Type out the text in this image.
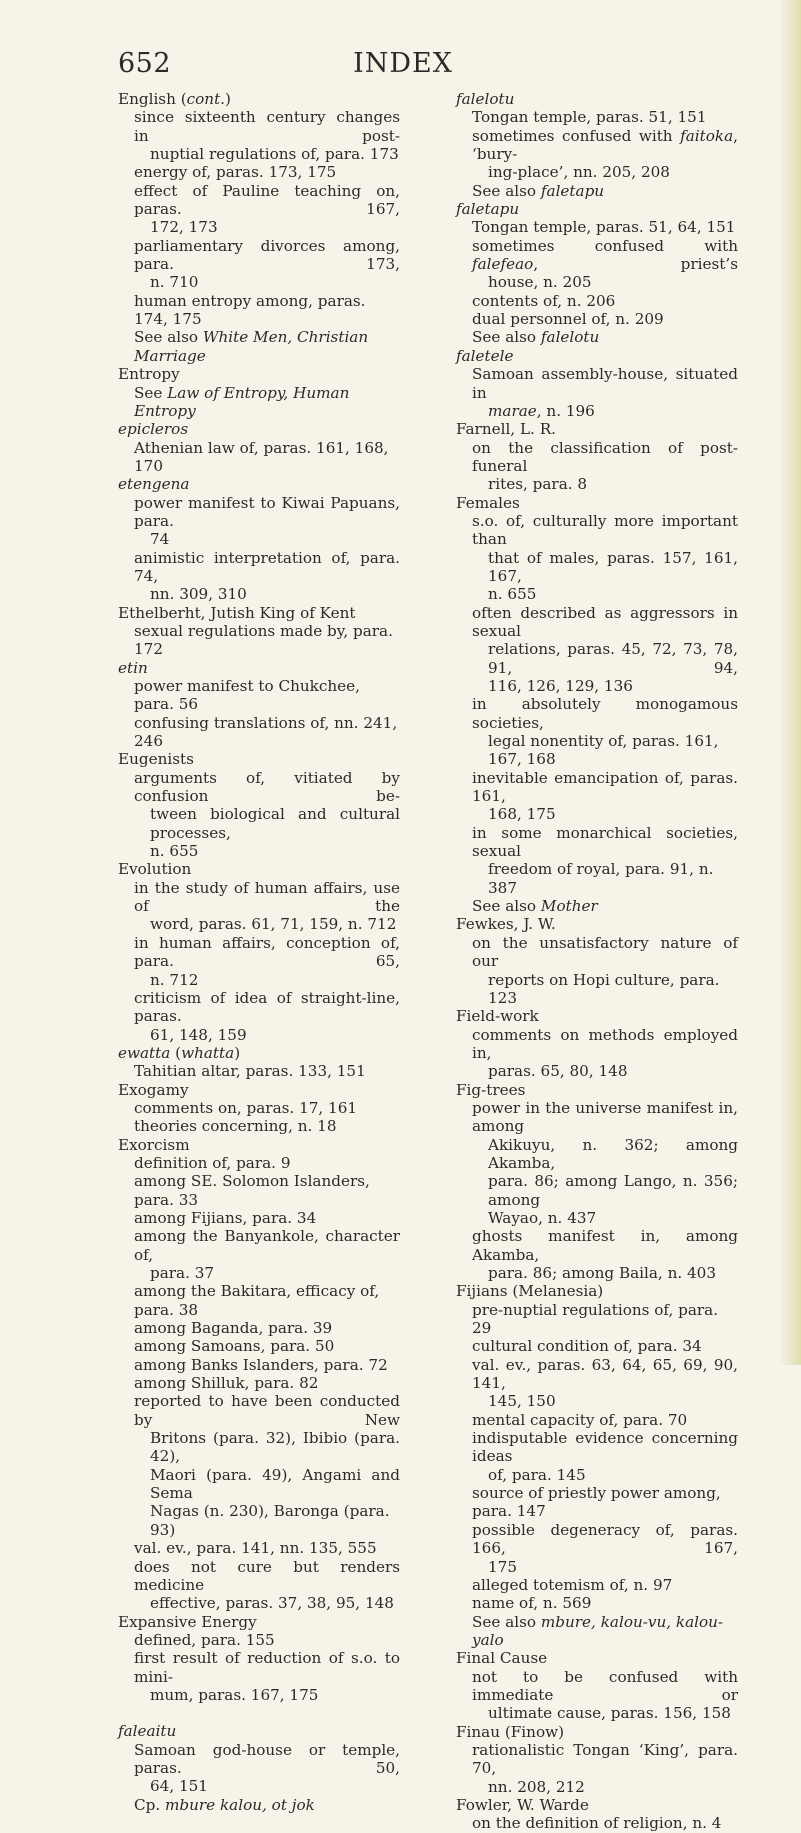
652	INDEX
English (cont.)
since sixteenth century changes in post-
nuptial regulations of, para. 173
energy of, paras. 173, 175
effect of Pauline teaching on, paras. 167,
172, 173
parliamentary divorces among, para. 173,
n. 710
human entropy among, paras. 174, 175
See also White Men, Christian Marriage
Entropy
See Law of Entropy, Human Entropy
epicleros
Athenian law of, paras. 161, 168, 170
etengena
power manifest to Kiwai Papuans, para.
74
animistic interpretation of, para. 74,
nn. 309, 310
Ethelberht, Jutish King of Kent
sexual regulations made by, para. 172
etin
power manifest to Chukchee, para. 56
confusing translations of, nn. 241, 246
Eugenists
arguments of, vitiated by confusion be-
tween biological and cultural processes,
n. 655
Evolution
in the study of human affairs, use of the
word, paras. 61, 71, 159, n. 712
in human affairs, conception of, para. 65,
n. 712
criticism of idea of straight-line, paras.
61, 148, 159
ewatta (whatta)
Tahitian altar, paras. 133, 151
Exogamy
comments on, paras. 17, 161
theories concerning, n. 18
Exorcism
definition of, para. 9
among SE. Solomon Islanders, para. 33
among Fijians, para. 34
among the Banyankole, character of,
para. 37
among the Bakitara, efficacy of, para. 38
among Baganda, para. 39
among Samoans, para. 50
among Banks Islanders, para. 72
among Shilluk, para. 82
reported to have been conducted by New
Britons (para. 32), Ibibio (para. 42),
Maori (para. 49), Angami and Sema
Nagas (n. 230), Baronga (para. 93)
val. ev., para. 141, nn. 135, 555
does not cure but renders medicine
effective, paras. 37, 38, 95, 148
Expansive Energy
defined, para. 155
first result of reduction of s.o. to mini-
mum, paras. 167, 175
faleaitu
Samoan god-house or temple, paras. 50,
64, 151
Cp. mbure kalou, ot jok
falelotu
Tongan temple, paras. 51, 151
sometimes confused with faitoka, ‘bury-
ing-place’, nn. 205, 208
See also faletapu
faletapu
Tongan temple, paras. 51, 64, 151
sometimes confused with falefeao, priest’s
house, n. 205
contents of, n. 206
dual personnel of, n. 209
See also falelotu
faletele
Samoan assembly-house, situated in
marae, n. 196
Farnell, L. R.
on the classification of post-funeral
rites, para. 8
Females
s.o. of, culturally more important than
that of males, paras. 157, 161, 167,
n. 655
often described as aggressors in sexual
relations, paras. 45, 72, 73, 78, 91, 94,
116, 126, 129, 136
in absolutely monogamous societies,
legal nonentity of, paras. 161, 167, 168
inevitable emancipation of, paras. 161,
168, 175
in some monarchical societies, sexual
freedom of royal, para. 91, n. 387
See also Mother
Fewkes, J. W.
on the unsatisfactory nature of our
reports on Hopi culture, para. 123
Field-work
comments on methods employed in,
paras. 65, 80, 148
Fig-trees
power in the universe manifest in, among
Akikuyu, n. 362; among Akamba,
para. 86; among Lango, n. 356; among
Wayao, n. 437
ghosts manifest in, among Akamba,
para. 86; among Baila, n. 403
Fijians (Melanesia)
pre-nuptial regulations of, para. 29
cultural condition of, para. 34
val. ev., paras. 63, 64, 65, 69, 90, 141,
145, 150
mental capacity of, para. 70
indisputable evidence concerning ideas
of, para. 145
source of priestly power among, para. 147
possible degeneracy of, paras. 166, 167,
175
alleged totemism of, n. 97
name of, n. 569
See also mbure, kalou-vu, kalou-yalo
Final Cause
not to be confused with immediate or
ultimate cause, paras. 156, 158
Finau (Finow)
rationalistic Tongan ‘King’, para. 70,
nn. 208, 212
Fowler, W. Warde
on the definition of religion, n. 4
